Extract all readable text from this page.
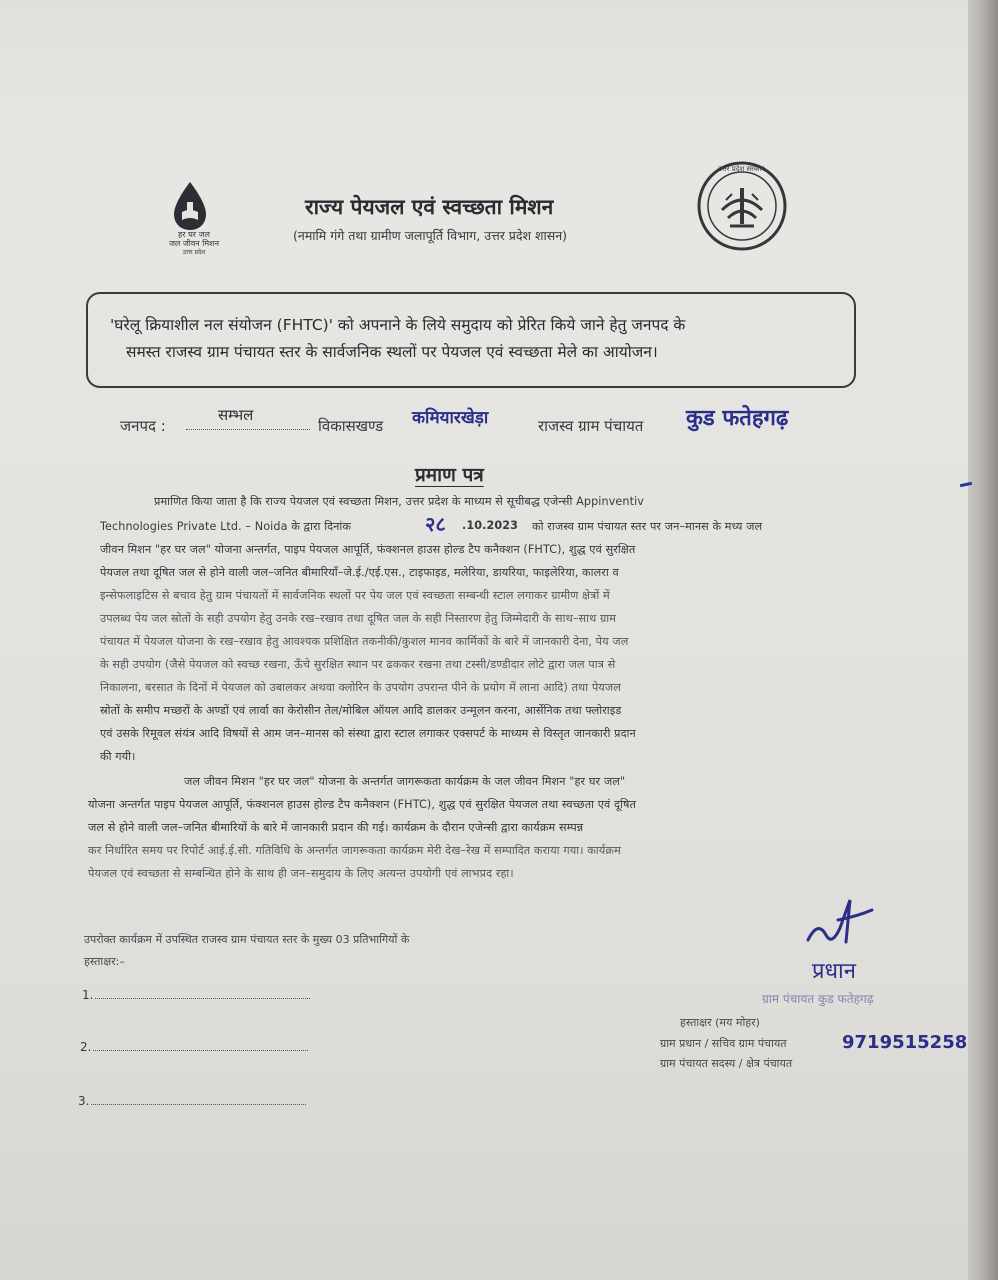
हर घर जल
जल जीवन मिशन
उत्तर प्रदेश
राज्य पेयजल एवं स्वच्छता मिशन
(नमामि गंगे तथा ग्रामीण जलापूर्ति विभाग, उत्तर प्रदेश शासन)
उत्तर प्रदेश सरकार
'घरेलू क्रियाशील नल संयोजन (FHTC)' को अपनाने के लिये समुदाय को प्रेरित किये जाने हेतु जनपद के
समस्त राजस्व ग्राम पंचायत स्तर के सार्वजनिक स्थलों पर पेयजल एवं स्वच्छता मेले का आयोजन।
जनपद :
सम्भल
विकासखण्ड कमियारखेड़ा	राजस्व ग्राम पंचायत कुड फतेहगढ़
प्रमाण पत्र
प्रमाणित किया जाता है कि राज्य पेयजल एवं स्वच्छता मिशन, उत्तर प्रदेश के माध्यम से सूचीबद्ध एजेन्सी Appinventiv
Technologies Private Ltd. – Noida के द्वारा दिनांक	२८ .10.2023 को राजस्व ग्राम पंचायत स्तर पर जन–मानस के मध्य जल
जीवन मिशन "हर घर जल" योजना अन्तर्गत, पाइप पेयजल आपूर्ति, फंक्शनल हाउस होल्ड टैप कनैक्शन (FHTC), शुद्ध एवं सुरक्षित
पेयजल तथा दूषित जल से होने वाली जल–जनित बीमारियॉं–जे.ई./एई.एस., टाइफाइड, मलेरिया, डायरिया, फाइलेरिया, कालरा व
इन्सेफलाइटिस से बचाव हेतु ग्राम पंचायतों में सार्वजनिक स्थलों पर पेय जल एवं स्वच्छता सम्बन्धी स्टाल लगाकर ग्रामीण क्षेत्रों में
उपलब्ध पेय जल स्रोतों के सही उपयोग हेतु उनके रख–रखाव तथा दूषित जल के सही निस्तारण हेतु जिम्मेदारी के साथ–साथ ग्राम
पंचायत में पेयजल योजना के रख–रखाव हेतु आवश्यक प्रशिक्षित तकनीकी/कुशल मानव कार्मिकों के बारे में जानकारी देना, पेय जल
के सही उपयोग (जैसे पेयजल को स्वच्छ रखना, ऊँचे सुरक्षित स्थान पर ढककर रखना तथा टस्सी/डण्डीदार लोटे द्वारा जल पात्र से
निकालना, बरसात के दिनों में पेयजल को उबालकर अथवा क्लोरिन के उपयोग उपरान्त पीने के प्रयोग में लाना आदि) तथा पेयजल
स्रोतों के समीप मच्छरों के अण्डों एवं लार्वा का केरोसीन तेल/मोबिल ऑयल आदि डालकर उन्मूलन करना, आर्सेनिक तथा फ्लोराइड
एवं उसके रिमूवल संयंत्र आदि विषयों से आम जन–मानस को संस्था द्वारा स्टाल लगाकर एक्सपर्ट के माध्यम से विस्तृत जानकारी प्रदान
की गयी।
जल जीवन मिशन "हर घर जल" योजना के अन्तर्गत जागरूकता कार्यक्रम के जल जीवन मिशन "हर घर जल"
योजना अन्तर्गत पाइप पेयजल आपूर्ति, फंक्शनल हाउस होल्ड टैप कनैक्शन (FHTC), शुद्ध एवं सुरक्षित पेयजल तथा स्वच्छता एवं दूषित
जल से होने वाली जल–जनित बीमारियों के बारे में जानकारी प्रदान की गई। कार्यक्रम के दौरान एजेन्सी द्वारा कार्यक्रम सम्पन्न
कर निर्धारित समय पर रिपोर्ट आई.ई.सी. गतिविधि के अन्तर्गत जागरूकता कार्यक्रम मेरी देख–रेख में सम्पादित कराया गया। कार्यक्रम
पेयजल एवं स्वच्छता से सम्बन्धित होने के साथ ही जन–समुदाय के लिए अत्यन्त उपयोगी एवं लाभप्रद रहा।
उपरोक्त कार्यक्रम में उपस्थित राजस्व ग्राम पंचायत स्तर के मुख्य 03 प्रतिभागियों के
हस्ताक्षर:–
1.
2.
3.
प्रधान
ग्राम पंचायत कुड फतेहगढ़
हस्ताक्षर (मय मोहर)
ग्राम प्रधान / सचिव ग्राम पंचायत
ग्राम पंचायत सदस्य / क्षेत्र पंचायत
9719515258
